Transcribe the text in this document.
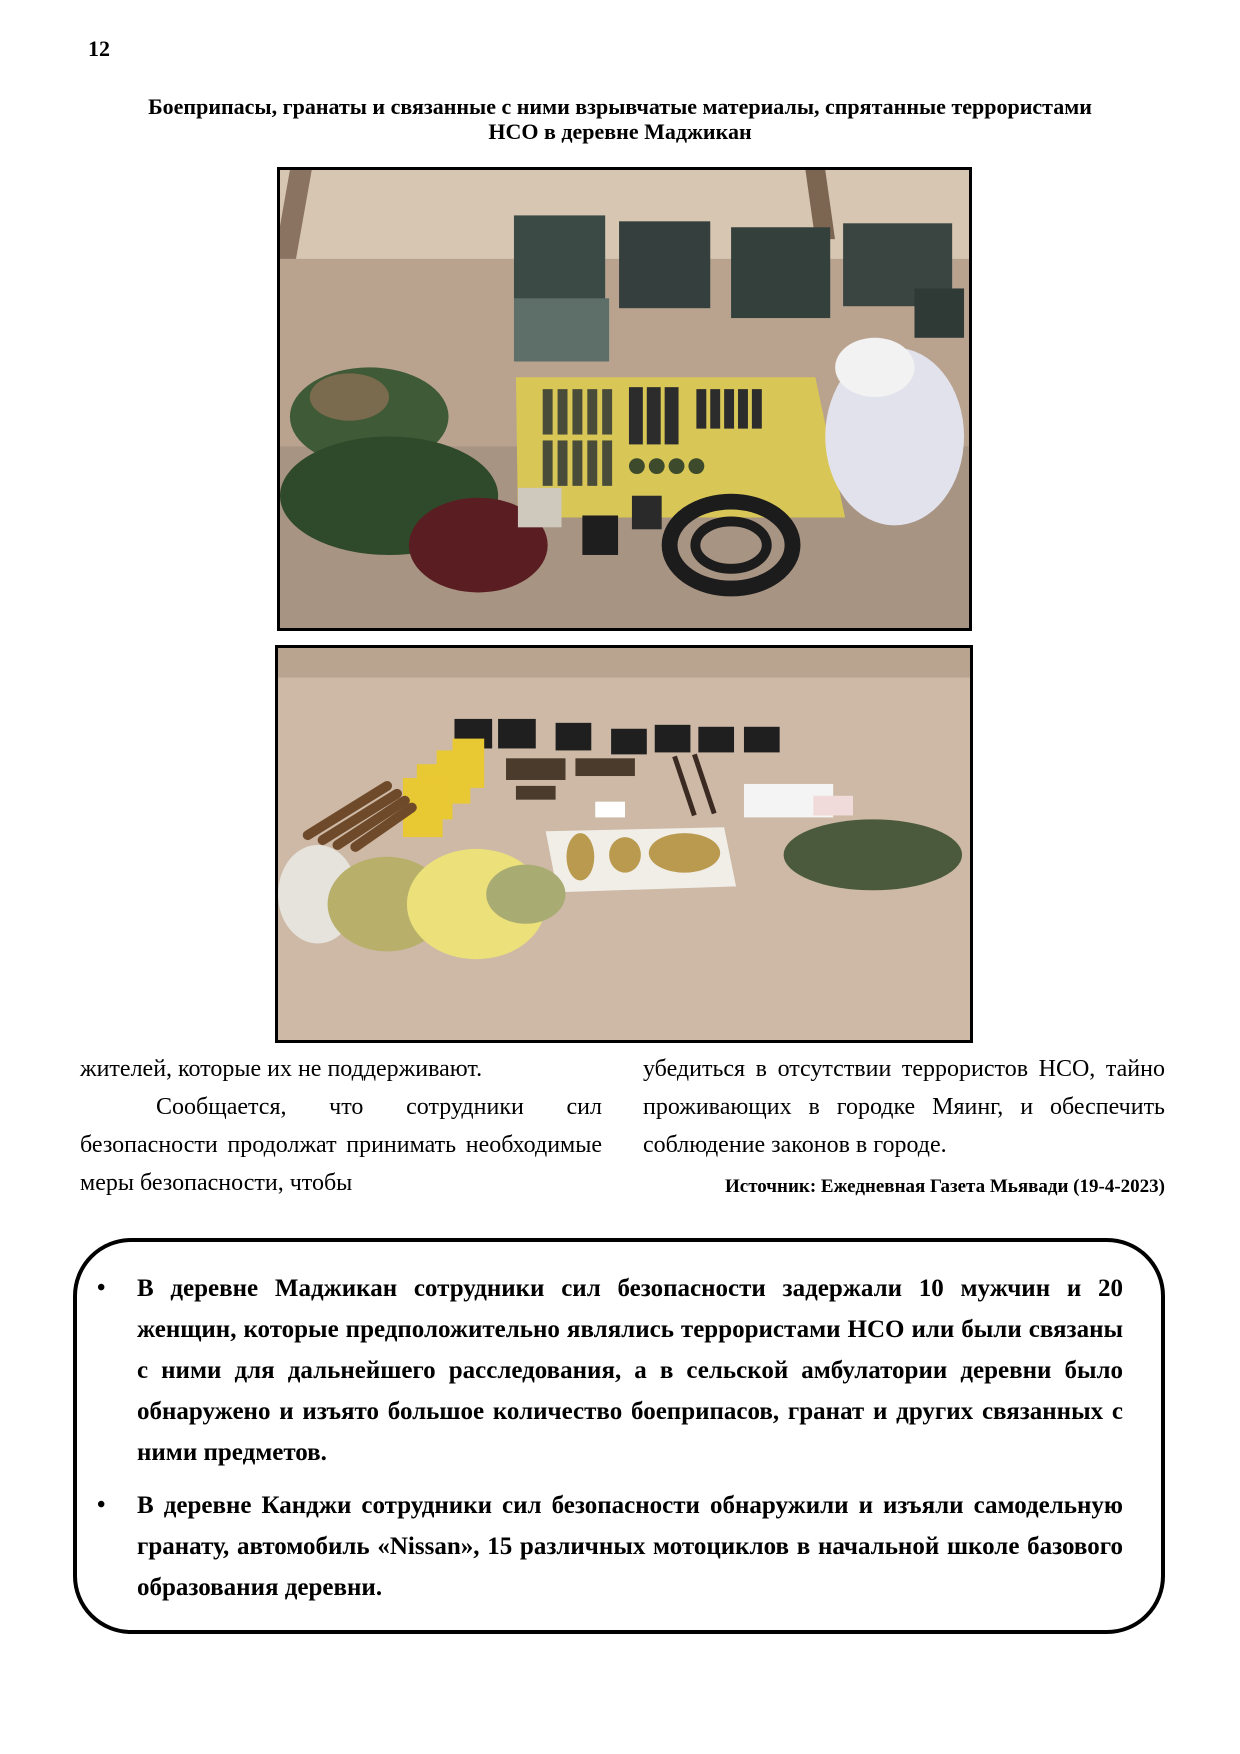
12
Боеприпасы, гранаты и связанные с ними взрывчатые материалы, спрятанные террористами
НСО в деревне Маджикан

жителей, которые их не поддерживают.

Сообщается, что сотрудники сил безопасности продолжат принимать необходимые меры безопасности, чтобы

убедиться в отсутствии террористов НСО, тайно проживающих в городке Мяинг, и обеспечить соблюдение законов в городе.

Источник: Ежедневная Газета Мьявади (19-4-2023)

• В деревне Маджикан сотрудники сил безопасности задержали 10 мужчин и 20 женщин, которые предположительно являлись террористами НСО или были связаны с ними для дальнейшего расследования, а в сельской амбулатории деревни было обнаружено и изъято большое количество боеприпасов, гранат и других связанных с ними предметов.
• В деревне Канджи сотрудники сил безопасности обнаружили и изъяли самодельную гранату, автомобиль «Nissan», 15 различных мотоциклов в начальной школе базового образования деревни.
